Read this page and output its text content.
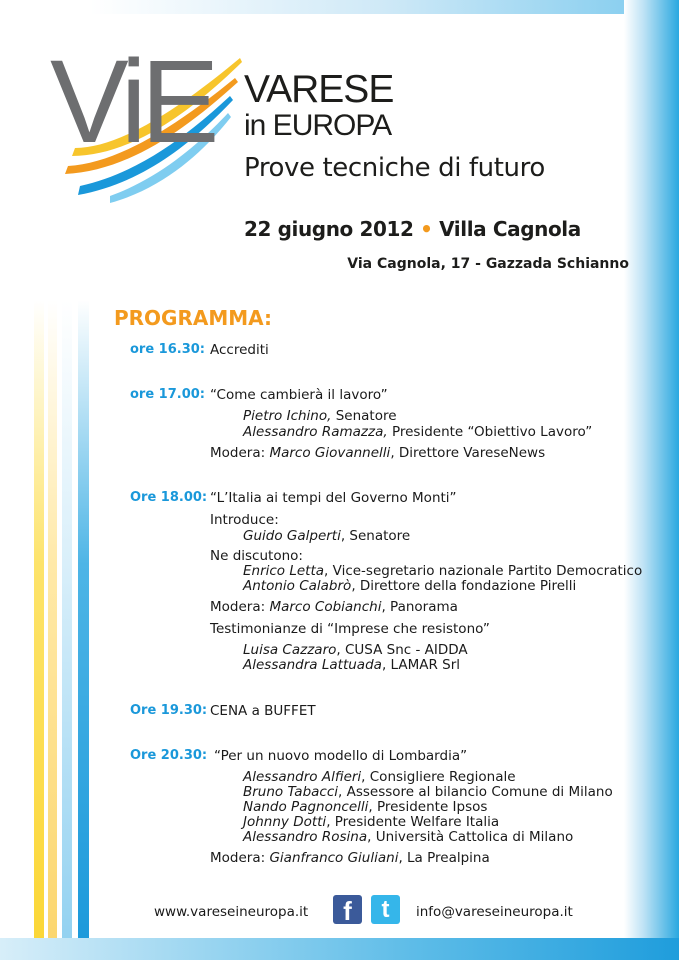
ViE VARESE
in EUROPA
Prove tecniche di futuro
22 giugno 2012 • Villa Cagnola
Via Cagnola, 17 - Gazzada Schianno
PROGRAMMA:
ore 16.30: Accrediti
ore 17.00: “Come cambierà il lavoro”
Pietro Ichino, Senatore
Alessandro Ramazza, Presidente “Obiettivo Lavoro”
Modera: Marco Giovannelli, Direttore VareseNews
Ore 18.00: “L’Italia ai tempi del Governo Monti”
Introduce:
Guido Galperti, Senatore
Ne discutono:
Enrico Letta, Vice-segretario nazionale Partito Democratico
Antonio Calabrò, Direttore della fondazione Pirelli
Modera: Marco Cobianchi, Panorama
Testimonianze di “Imprese che resistono”
Luisa Cazzaro, CUSA Snc - AIDDA
Alessandra Lattuada, LAMAR Srl
Ore 19.30: CENA a BUFFET
Ore 20.30: “Per un nuovo modello di Lombardia”
Alessandro Alfieri, Consigliere Regionale
Bruno Tabacci, Assessore al bilancio Comune di Milano
Nando Pagnoncelli, Presidente Ipsos
Johnny Dotti, Presidente Welfare Italia
Alessandro Rosina, Università Cattolica di Milano
Modera: Gianfranco Giuliani, La Prealpina
www.vareseineuropa.it	f	t	info@vareseineuropa.it
